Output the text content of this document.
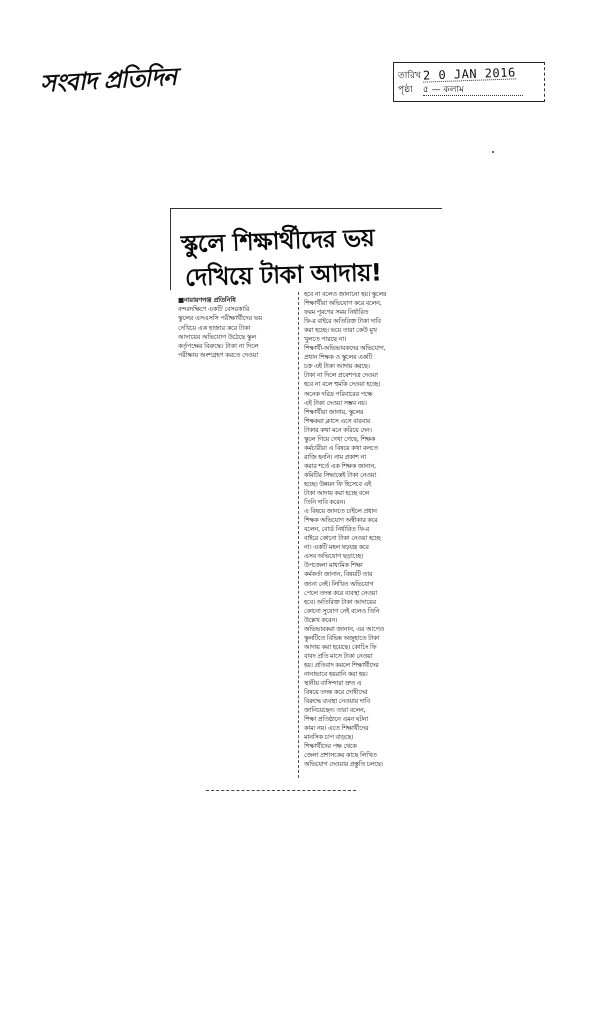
সংবাদ প্রতিদিন	তারিখ 2 0 JAN 2016
পৃষ্ঠা ৫ — কলাম
স্কুলে শিক্ষার্থীদের ভয়
দেখিয়ে টাকা আদায়!
■নারায়ণগঞ্জ প্রতিনিধি
বন্দরদক্ষিণে একটি বেসরকারি
স্কুলের এসএসসি পরীক্ষার্থীদের ভয়
দেখিয়ে এক হাজার করে টাকা
আদায়ের অভিযোগ উঠেছে স্কুল
কর্তৃপক্ষের বিরুদ্ধে। টাকা না দিলে
পরীক্ষায় অংশগ্রহণ করতে দেওয়া
হবে না বলেও জানানো হয়। স্কুলের
শিক্ষার্থীরা অভিযোগ করে বলেন,
ফরম পূরণের সময় নির্ধারিত
ফি-র বাইরে অতিরিক্ত টাকা দাবি
করা হচ্ছে। ভয়ে তারা কেউ মুখ
খুলতে পারছে না।
শিক্ষার্থী-অভিভাবকদের অভিযোগ,
প্রধান শিক্ষক ও স্কুলের একটি
চক্র এই টাকা আদায় করছে।
টাকা না দিলে প্রবেশপত্র দেওয়া
হবে না বলে হুমকি দেওয়া হচ্ছে।
অনেক দরিদ্র পরিবারের পক্ষে
এই টাকা দেওয়া সম্ভব নয়।
শিক্ষার্থীরা জানায়, স্কুলের
শিক্ষকরা ক্লাসে এসে বারবার
টাকার কথা মনে করিয়ে দেন।
স্কুলে গিয়ে দেখা গেছে, শিক্ষক
কর্মচারীরা এ বিষয়ে কথা বলতে
রাজি হননি। নাম প্রকাশ না
করার শর্তে এক শিক্ষক জানান,
কমিটির সিদ্ধান্তেই টাকা নেওয়া
হচ্ছে। উন্নয়ন ফি হিসেবে এই
টাকা আদায় করা হচ্ছে বলে
তিনি দাবি করেন।
এ বিষয়ে জানতে চাইলে প্রধান
শিক্ষক অভিযোগ অস্বীকার করে
বলেন, বোর্ড নির্ধারিত ফি-র
বাইরে কোনো টাকা নেওয়া হচ্ছে
না। একটি মহল ষড়যন্ত্র করে
এসব অভিযোগ ছড়াচ্ছে।
উপজেলা মাধ্যমিক শিক্ষা
কর্মকর্তা জানান, বিষয়টি তার
জানা নেই। লিখিত অভিযোগ
পেলে তদন্ত করে ব্যবস্থা নেওয়া
হবে। অতিরিক্ত টাকা আদায়ের
কোনো সুযোগ নেই বলেও তিনি
উল্লেখ করেন।
অভিভাবকরা জানান, এর আগেও
স্কুলটিতে বিভিন্ন অজুহাতে টাকা
আদায় করা হয়েছে। কোচিং ফি
বাবদ প্রতি মাসে টাকা নেওয়া
হয়। প্রতিবাদ করলে শিক্ষার্থীদের
নানাভাবে হয়রানি করা হয়।
স্থানীয় বাসিন্দারা দ্রুত এ
বিষয়ে তদন্ত করে দোষীদের
বিরুদ্ধে ব্যবস্থা নেওয়ার দাবি
জানিয়েছেন। তারা বলেন,
শিক্ষা প্রতিষ্ঠানে এমন ঘটনা
কাম্য নয়। এতে শিক্ষার্থীদের
মানসিক চাপ বাড়ছে।
শিক্ষার্থীদের পক্ষ থেকে
জেলা প্রশাসকের কাছে লিখিত
অভিযোগ দেওয়ার প্রস্তুতি চলছে।
